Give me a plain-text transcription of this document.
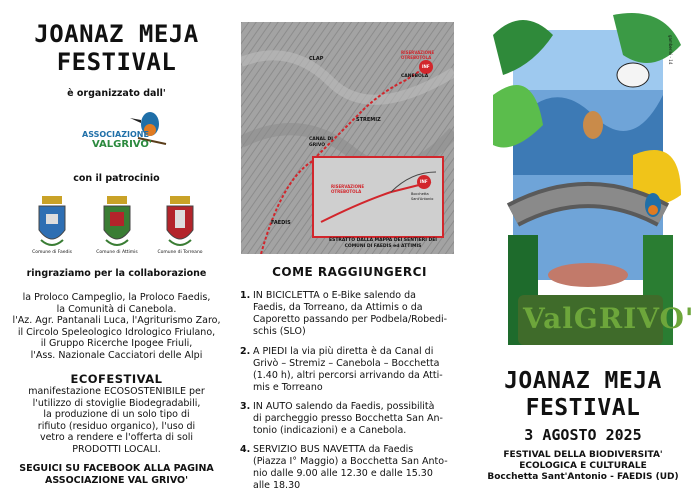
JOANAZ MEJA
FESTIVAL
è organizzato dall'
ASSOCIAZIONE
VALGRIVO'
con il patrocinio
Comune di Faedis	Comune di Attimis	Comune di Torreano
ringraziamo per la collaborazione
la Proloco Campeglio, la Proloco Faedis,
la Comunità di Canebola.
l'Az. Agr. Pantanali Luca, l'Agriturismo Zaro,
il Circolo Speleologico Idrologico Friulano,
il Gruppo Ricerche Ipogee Friuli,
l'Ass. Nazionale Cacciatori delle Alpi
ECOFESTIVAL
manifestazione ECOSOSTENIBILE per
l'utilizzo di stoviglie Biodegradabili,
la produzione di un solo tipo di
rifiuto (residuo organico), l'uso di
vetro a rendere e l'offerta di soli
PRODOTTI LOCALI.
SEGUICI SU FACEBOOK ALLA PAGINA
ASSOCIAZIONE VAL GRIVO'
CLAP
RISERVAZIONE OTREBOTOLA
CANEBOLA
INF
STREMIZ
CANAL DI GRIVÒ
FAEDIS
RISERVAZIONE OTREBOTOLA
INF
Bocchetta Sant'Antonio
ESTRATTO DALLA MAPPA DEI SENTIERI DEI
COMUNI DI FAEDIS ed ATTIMIS
COME RAGGIUNGERCI
1. IN BICICLETTA o E-Bike salendo da
Faedis, da Torreano, da Attimis o da
Caporetto passando per Podbela/Robedi-
schis (SLO)
2. A PIEDI la via più diretta è da Canal di
Grivò – Stremiz – Canebola – Bocchetta
(1.40 h), altri percorsi arrivando da Atti-
mis e Torreano
3. IN AUTO salendo da Faedis, possibilità
di parcheggio presso Bocchetta San An-
tonio (indicazioni) e a Canebola.
4. SERVIZIO BUS NAVETTA da Faedis
(Piazza I° Maggio) a Bocchetta San Anto-
nio dalle 9.00 alle 12.30 e dalle 15.30
alle 18.30
gamberini - 14
ValGRIVO'
JOANAZ MEJA
FESTIVAL
3 AGOSTO 2025
FESTIVAL DELLA BIODIVERSITA'
ECOLOGICA E CULTURALE
Bocchetta Sant'Antonio - FAEDIS (UD)
